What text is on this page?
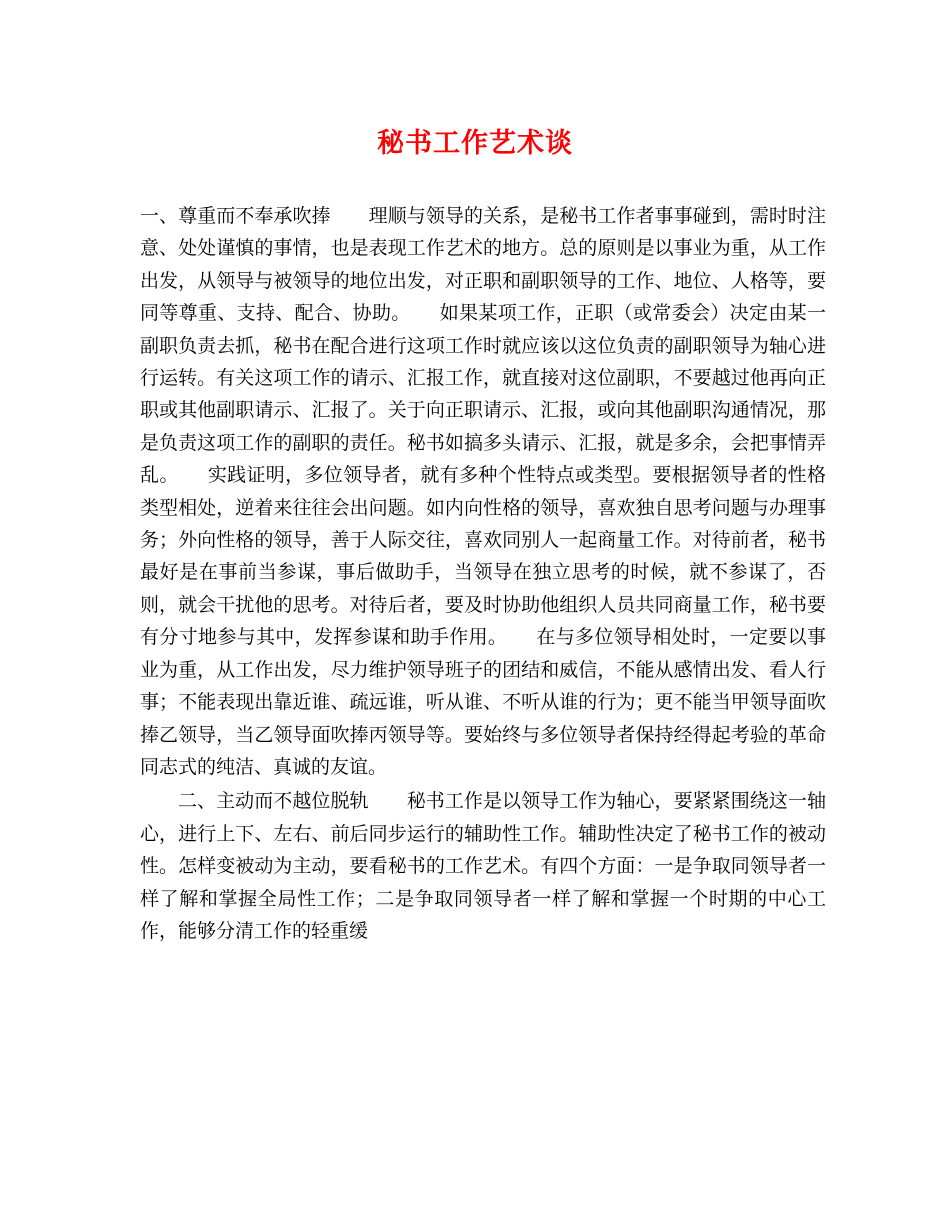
秘书工作艺术谈

一、尊重而不奉承吹捧　　理顺与领导的关系，是秘书工作者事事碰到，需时时注意、处处谨慎的事情，也是表现工作艺术的地方。总的原则是以事业为重，从工作出发，从领导与被领导的地位出发，对正职和副职领导的工作、地位、人格等，要同等尊重、支持、配合、协助。　　如果某项工作，正职（或常委会）决定由某一副职负责去抓，秘书在配合进行这项工作时就应该以这位负责的副职领导为轴心进行运转。有关这项工作的请示、汇报工作，就直接对这位副职，不要越过他再向正职或其他副职请示、汇报了。关于向正职请示、汇报，或向其他副职沟通情况，那是负责这项工作的副职的责任。秘书如搞多头请示、汇报，就是多余，会把事情弄乱。　　实践证明，多位领导者，就有多种个性特点或类型。要根据领导者的性格类型相处，逆着来往往会出问题。如内向性格的领导，喜欢独自思考问题与办理事务；外向性格的领导，善于人际交往，喜欢同别人一起商量工作。对待前者，秘书最好是在事前当参谋，事后做助手，当领导在独立思考的时候，就不参谋了，否则，就会干扰他的思考。对待后者，要及时协助他组织人员共同商量工作，秘书要有分寸地参与其中，发挥参谋和助手作用。　　在与多位领导相处时，一定要以事业为重，从工作出发，尽力维护领导班子的团结和威信，不能从感情出发、看人行事；不能表现出靠近谁、疏远谁，听从谁、不听从谁的行为；更不能当甲领导面吹捧乙领导，当乙领导面吹捧丙领导等。要始终与多位领导者保持经得起考验的革命同志式的纯洁、真诚的友谊。

二、主动而不越位脱轨　　秘书工作是以领导工作为轴心，要紧紧围绕这一轴心，进行上下、左右、前后同步运行的辅助性工作。辅助性决定了秘书工作的被动性。怎样变被动为主动，要看秘书的工作艺术。有四个方面：一是争取同领导者一样了解和掌握全局性工作；二是争取同领导者一样了解和掌握一个时期的中心工作，能够分清工作的轻重缓
